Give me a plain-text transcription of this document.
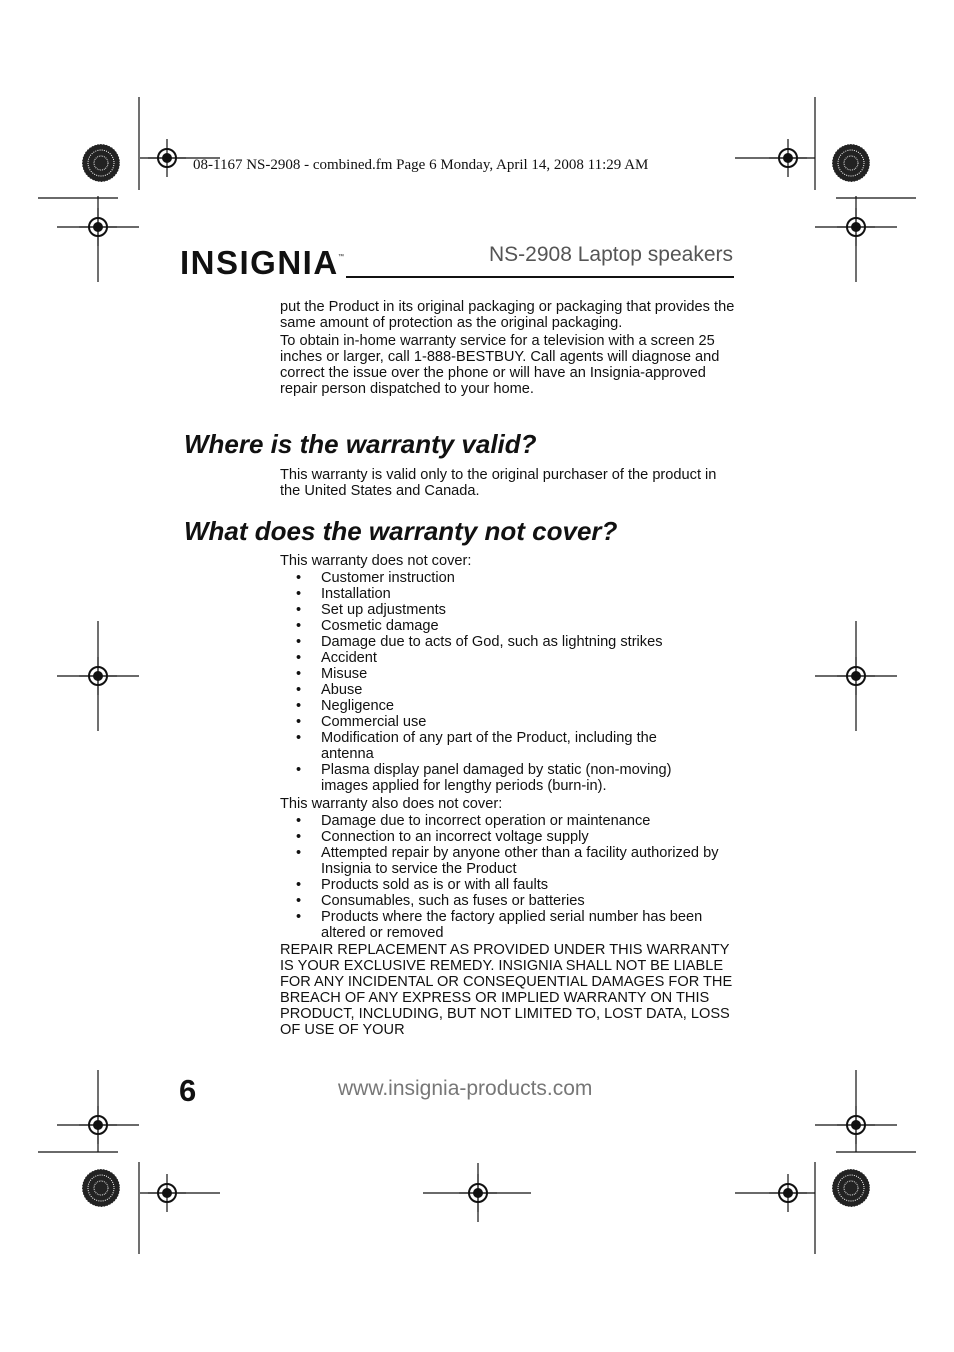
08-1167 NS-2908 - combined.fm Page 6 Monday, April 14, 2008 11:29 AM
INSIGNIA ™	NS-2908 Laptop speakers

put the Product in its original packaging or packaging that provides the same amount of protection as the original packaging.

To obtain in-home warranty service for a television with a screen 25 inches or larger, call 1-888-BESTBUY. Call agents will diagnose and correct the issue over the phone or will have an Insignia-approved repair person dispatched to your home.

Where is the warranty valid?
This warranty is valid only to the original purchaser of the product in the United States and Canada.
What does the warranty not cover?

This warranty does not cover:

• Customer instruction
• Installation
• Set up adjustments
• Cosmetic damage
• Damage due to acts of God, such as lightning strikes
• Accident
• Misuse
• Abuse
• Negligence
• Commercial use
• Modification of any part of the Product, including the antenna
• Plasma display panel damaged by static (non-moving) images applied for lengthy periods (burn-in).

This warranty also does not cover:

• Damage due to incorrect operation or maintenance
• Connection to an incorrect voltage supply
• Attempted repair by anyone other than a facility authorized by Insignia to service the Product
• Products sold as is or with all faults
• Consumables, such as fuses or batteries
• Products where the factory applied serial number has been altered or removed

REPAIR REPLACEMENT AS PROVIDED UNDER THIS WARRANTY IS YOUR EXCLUSIVE REMEDY. INSIGNIA SHALL NOT BE LIABLE FOR ANY INCIDENTAL OR CONSEQUENTIAL DAMAGES FOR THE BREACH OF ANY EXPRESS OR IMPLIED WARRANTY ON THIS PRODUCT, INCLUDING, BUT NOT LIMITED TO, LOST DATA, LOSS OF USE OF YOUR

6	www.insignia-products.com
